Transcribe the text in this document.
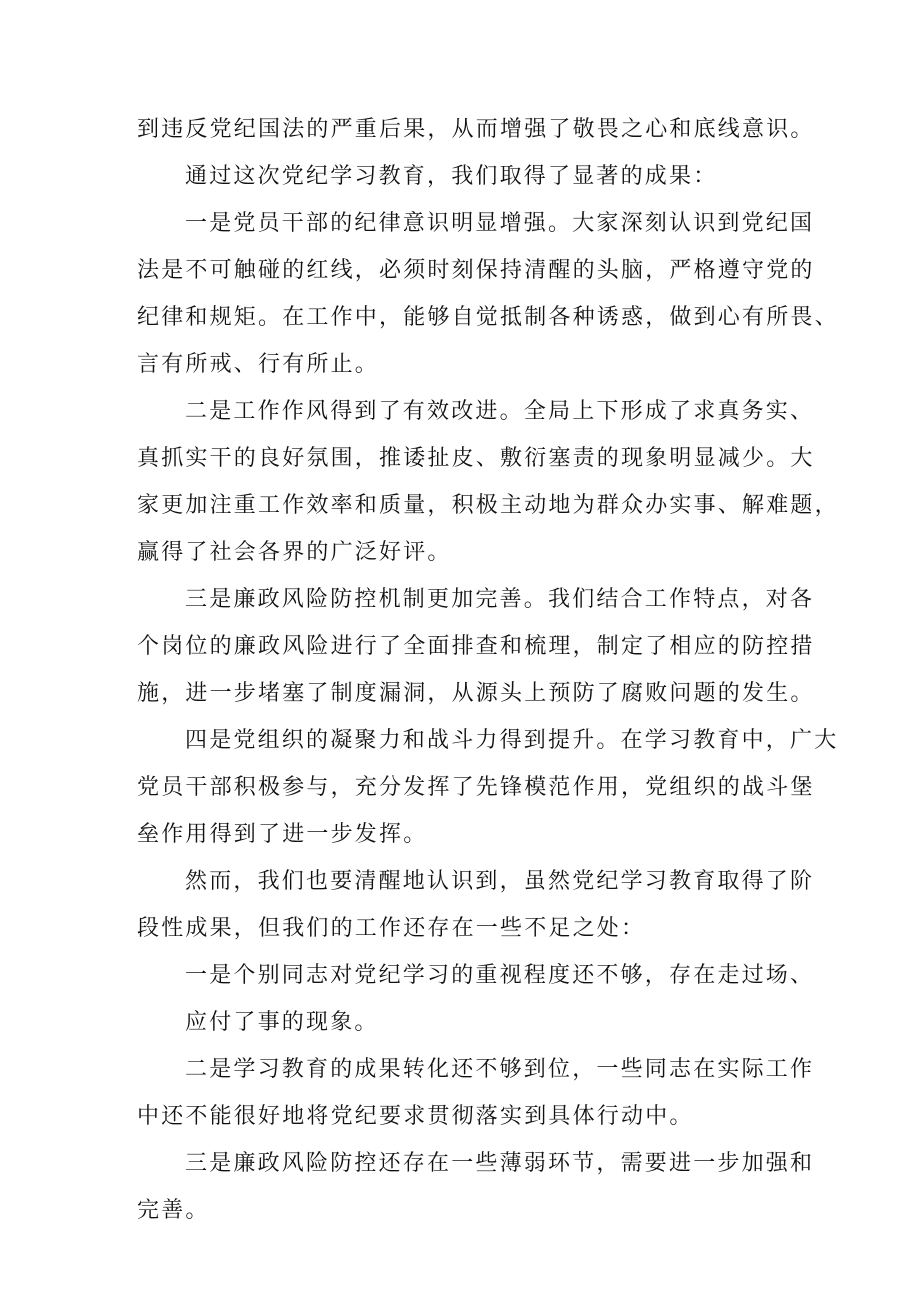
到违反党纪国法的严重后果，从而增强了敬畏之心和底线意识。
通过这次党纪学习教育，我们取得了显著的成果：
一是党员干部的纪律意识明显增强。大家深刻认识到党纪国
法是不可触碰的红线，必须时刻保持清醒的头脑，严格遵守党的
纪律和规矩。在工作中，能够自觉抵制各种诱惑，做到心有所畏、
言有所戒、行有所止。
二是工作作风得到了有效改进。全局上下形成了求真务实、
真抓实干的良好氛围，推诿扯皮、敷衍塞责的现象明显减少。大
家更加注重工作效率和质量，积极主动地为群众办实事、解难题，
赢得了社会各界的广泛好评。
三是廉政风险防控机制更加完善。我们结合工作特点，对各
个岗位的廉政风险进行了全面排查和梳理，制定了相应的防控措
施，进一步堵塞了制度漏洞，从源头上预防了腐败问题的发生。
四是党组织的凝聚力和战斗力得到提升。在学习教育中，广大
党员干部积极参与，充分发挥了先锋模范作用，党组织的战斗堡
垒作用得到了进一步发挥。
然而，我们也要清醒地认识到，虽然党纪学习教育取得了阶
段性成果，但我们的工作还存在一些不足之处：
一是个别同志对党纪学习的重视程度还不够，存在走过场、
应付了事的现象。
二是学习教育的成果转化还不够到位，一些同志在实际工作
中还不能很好地将党纪要求贯彻落实到具体行动中。
三是廉政风险防控还存在一些薄弱环节，需要进一步加强和
完善。
